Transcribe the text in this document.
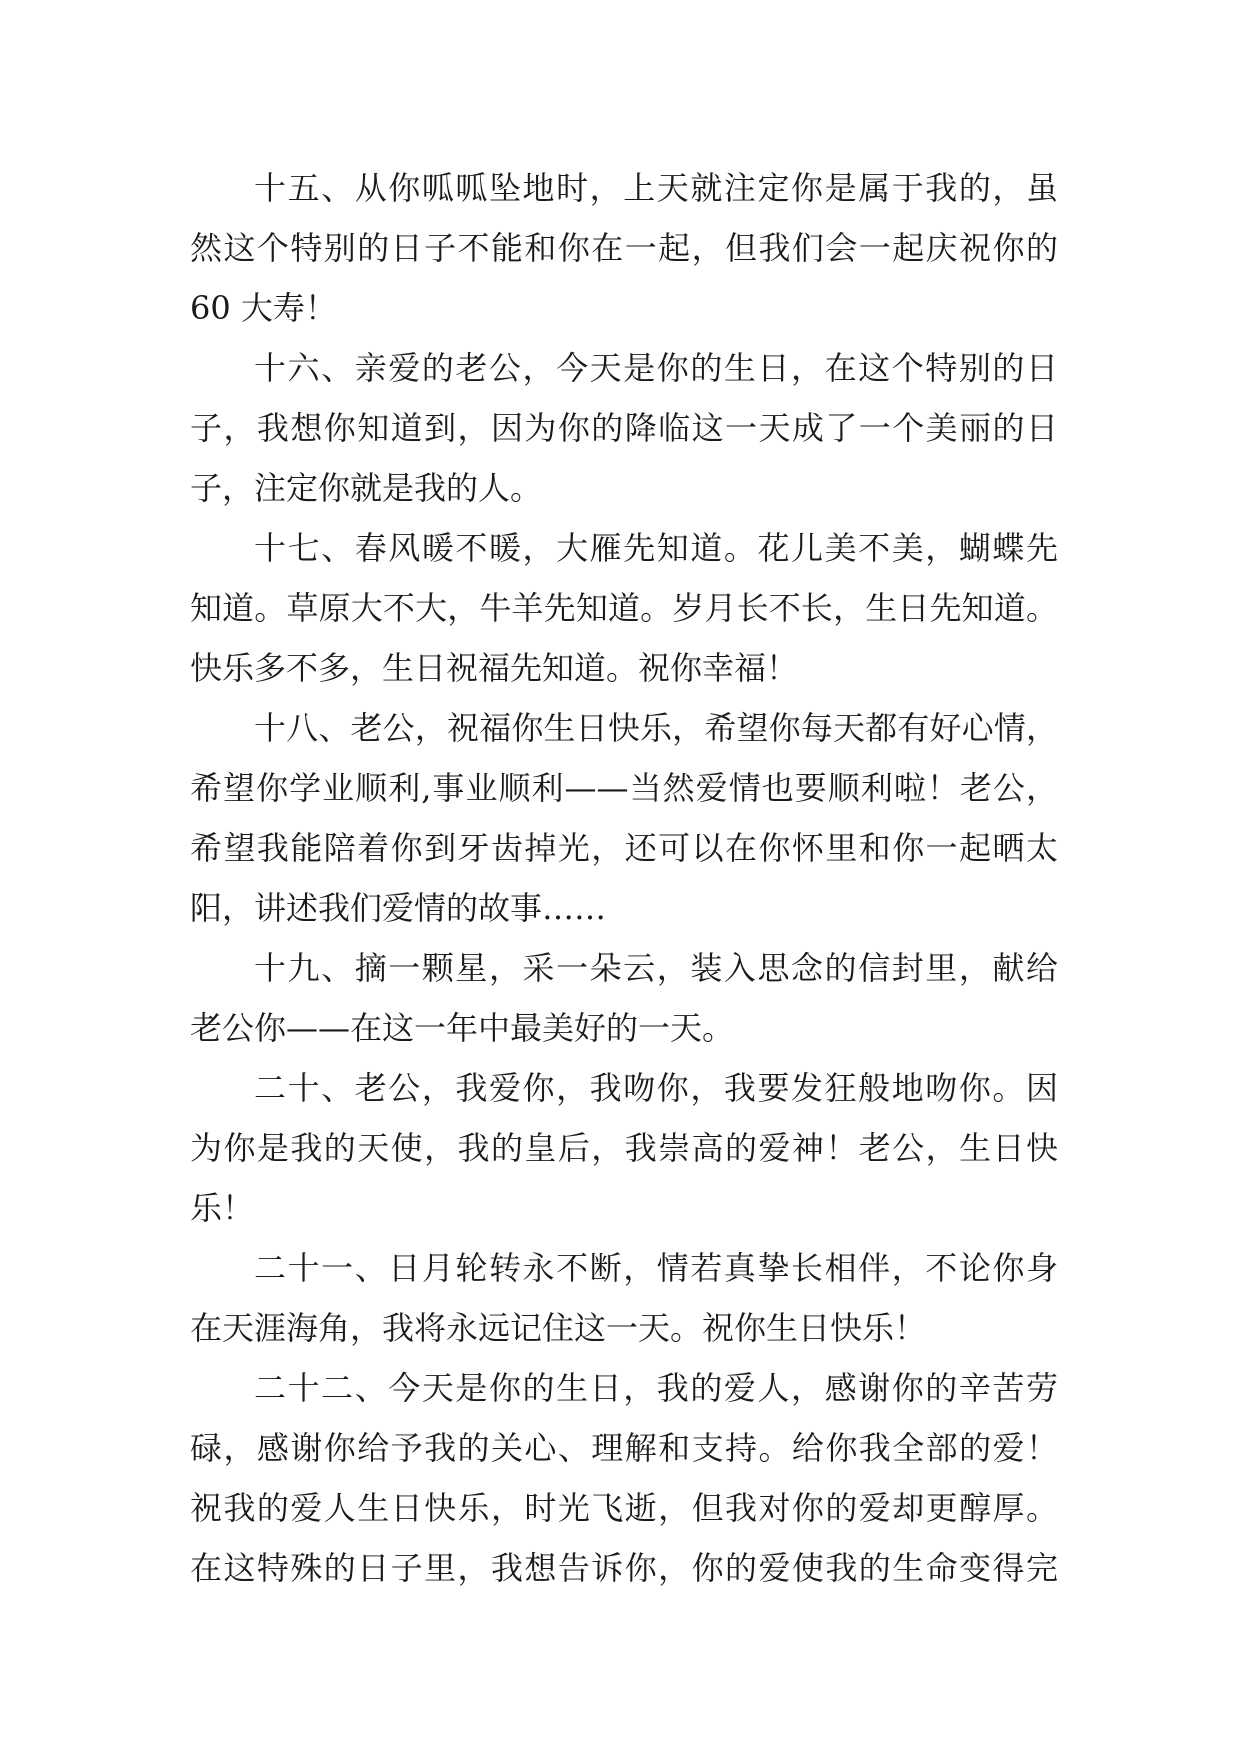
十五、从你呱呱坠地时，上天就注定你是属于我的，虽
然这个特别的日子不能和你在一起，但我们会一起庆祝你的
60 大寿！
十六、亲爱的老公，今天是你的生日，在这个特别的日
子，我想你知道到，因为你的降临这一天成了一个美丽的日
子，注定你就是我的人。
十七、春风暖不暖，大雁先知道。花儿美不美，蝴蝶先
知道。草原大不大，牛羊先知道。岁月长不长，生日先知道。
快乐多不多，生日祝福先知道。祝你幸福！
十八、老公，祝福你生日快乐，希望你每天都有好心情，
希望你学业顺利,事业顺利——当然爱情也要顺利啦！老公，
希望我能陪着你到牙齿掉光，还可以在你怀里和你一起晒太
阳，讲述我们爱情的故事……
十九、摘一颗星，采一朵云，装入思念的信封里，献给
老公你——在这一年中最美好的一天。
二十、老公，我爱你，我吻你，我要发狂般地吻你。因
为你是我的天使，我的皇后，我崇高的爱神！老公，生日快
乐！
二十一、日月轮转永不断，情若真挚长相伴，不论你身
在天涯海角，我将永远记住这一天。祝你生日快乐！
二十二、今天是你的生日，我的爱人，感谢你的辛苦劳
碌，感谢你给予我的关心、理解和支持。给你我全部的爱！
祝我的爱人生日快乐，时光飞逝，但我对你的爱却更醇厚。
在这特殊的日子里，我想告诉你，你的爱使我的生命变得完
